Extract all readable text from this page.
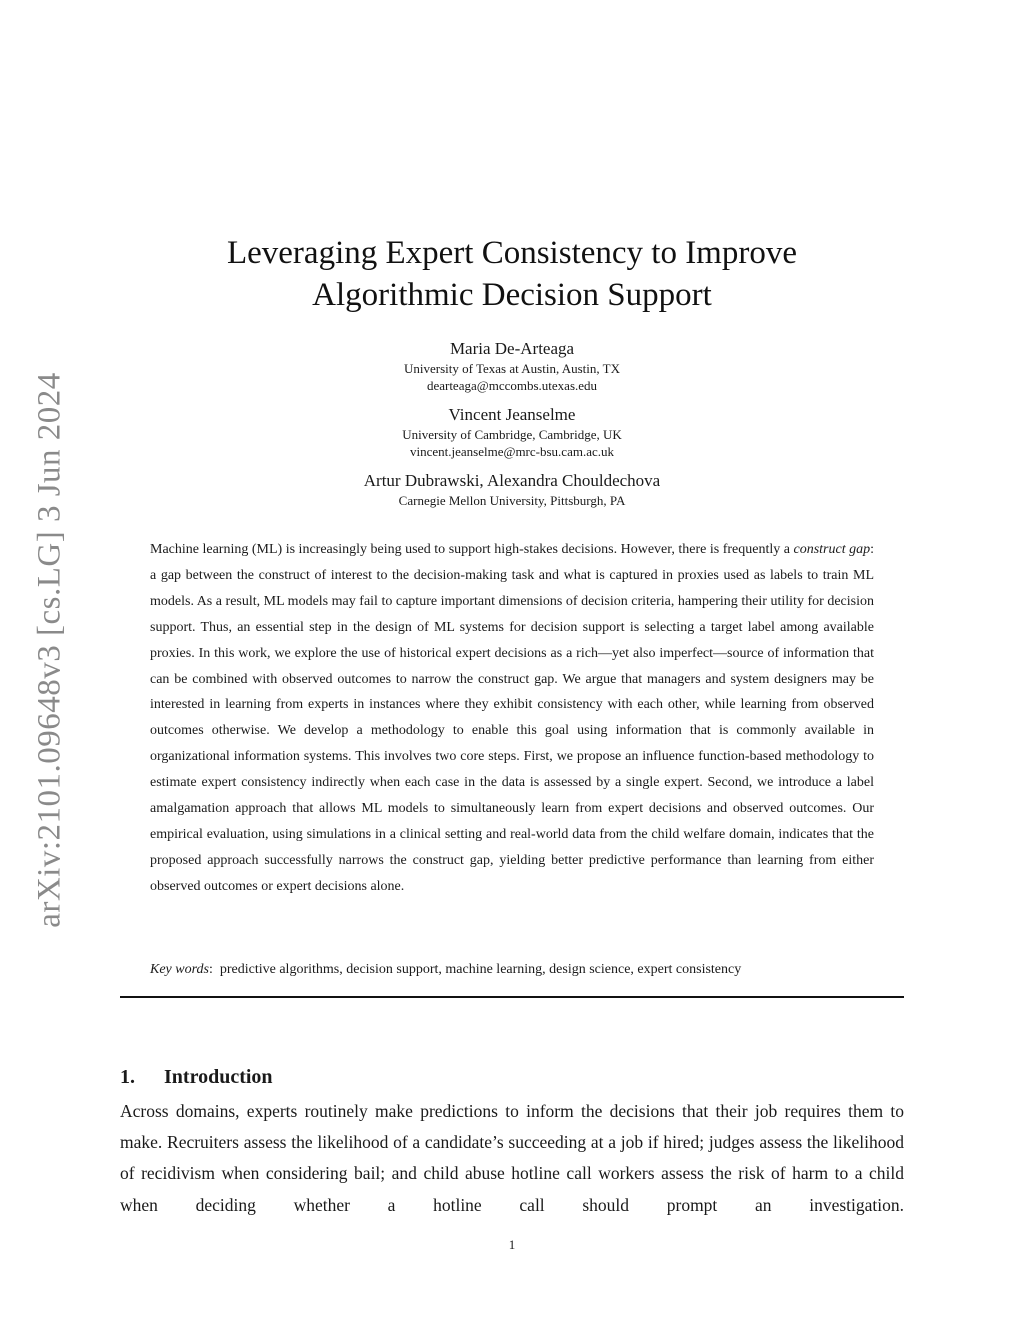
arXiv:2101.09648v3 [cs.LG] 3 Jun 2024
Leveraging Expert Consistency to Improve
Algorithmic Decision Support
Maria De-Arteaga
University of Texas at Austin, Austin, TX
dearteaga@mccombs.utexas.edu
Vincent Jeanselme
University of Cambridge, Cambridge, UK
vincent.jeanselme@mrc-bsu.cam.ac.uk
Artur Dubrawski, Alexandra Chouldechova
Carnegie Mellon University, Pittsburgh, PA

Machine learning (ML) is increasingly being used to support high-stakes decisions. However, there is frequently a construct gap: a gap between the construct of interest to the decision-making task and what is captured in proxies used as labels to train ML models. As a result, ML models may fail to capture important dimensions of decision criteria, hampering their utility for decision support. Thus, an essential step in the design of ML systems for decision support is selecting a target label among available proxies. In this work, we explore the use of historical expert decisions as a rich—yet also imperfect—source of information that can be combined with observed outcomes to narrow the construct gap. We argue that managers and system designers may be interested in learning from experts in instances where they exhibit consistency with each other, while learning from observed outcomes otherwise. We develop a methodology to enable this goal using information that is commonly available in organizational information systems. This involves two core steps. First, we propose an influence function-based methodology to estimate expert consistency indirectly when each case in the data is assessed by a single expert. Second, we introduce a label amalgamation approach that allows ML models to simultaneously learn from expert decisions and observed outcomes. Our empirical evaluation, using simulations in a clinical setting and real-world data from the child welfare domain, indicates that the proposed approach successfully narrows the construct gap, yielding better predictive performance than learning from either observed outcomes or expert decisions alone.

Key words:  predictive algorithms, decision support, machine learning, design science, expert consistency
1. Introduction

Across domains, experts routinely make predictions to inform the decisions that their job requires them to make. Recruiters assess the likelihood of a candidate’s succeeding at a job if hired; judges assess the likelihood of recidivism when considering bail; and child abuse hotline call workers assess the risk of harm to a child when deciding whether a hotline call should prompt an investigation.

1
